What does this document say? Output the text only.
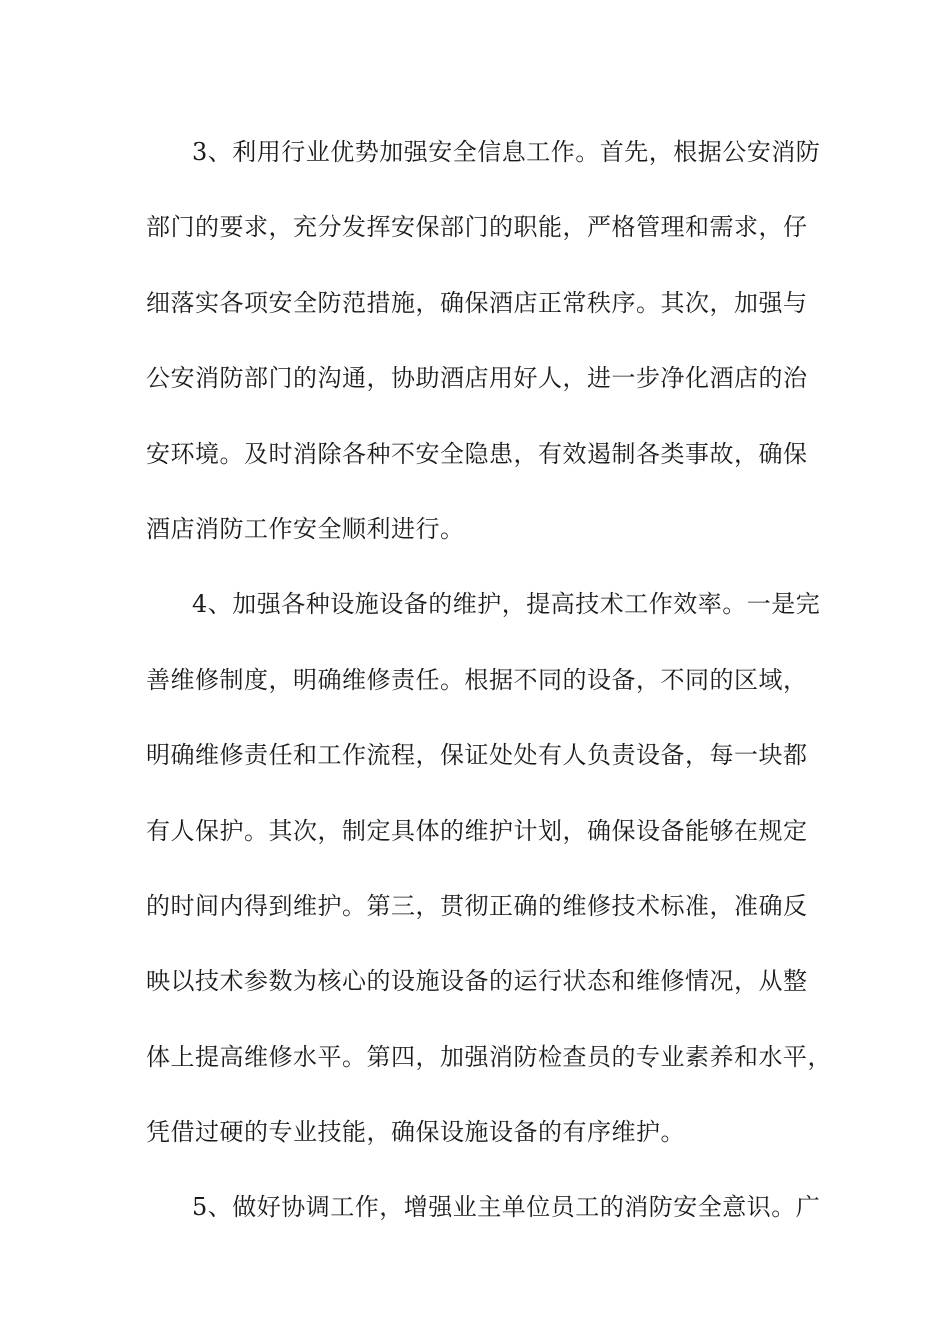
3、利用行业优势加强安全信息工作。首先，根据公安消防
部门的要求，充分发挥安保部门的职能，严格管理和需求，仔
细落实各项安全防范措施，确保酒店正常秩序。其次，加强与
公安消防部门的沟通，协助酒店用好人，进一步净化酒店的治
安环境。及时消除各种不安全隐患，有效遏制各类事故，确保
酒店消防工作安全顺利进行。
4、加强各种设施设备的维护，提高技术工作效率。一是完
善维修制度，明确维修责任。根据不同的设备，不同的区域，
明确维修责任和工作流程，保证处处有人负责设备，每一块都
有人保护。其次，制定具体的维护计划，确保设备能够在规定
的时间内得到维护。第三，贯彻正确的维修技术标准，准确反
映以技术参数为核心的设施设备的运行状态和维修情况，从整
体上提高维修水平。第四，加强消防检查员的专业素养和水平，
凭借过硬的专业技能，确保设施设备的有序维护。
5、做好协调工作，增强业主单位员工的消防安全意识。广
